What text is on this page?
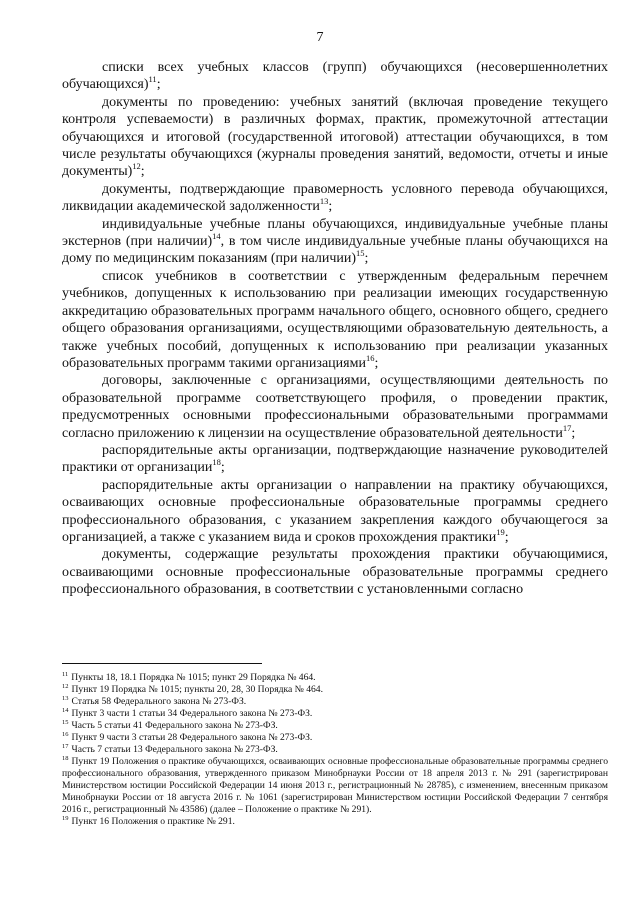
7

списки всех учебных классов (групп) обучающихся (несовершеннолетних обучающихся)$^{11}$;

документы по проведению: учебных занятий (включая проведение текущего контроля успеваемости) в различных формах, практик, промежуточной аттестации обучающихся и итоговой (государственной итоговой) аттестации обучающихся, в том числе результаты обучающихся (журналы проведения занятий, ведомости, отчеты и иные документы)$^{12}$;

документы, подтверждающие правомерность условного перевода обучающихся, ликвидации академической задолженности$^{13}$;

индивидуальные учебные планы обучающихся, индивидуальные учебные планы экстернов (при наличии)$^{14}$, в том числе индивидуальные учебные планы обучающихся на дому по медицинским показаниям (при наличии)$^{15}$;

список учебников в соответствии с утвержденным федеральным перечнем учебников, допущенных к использованию при реализации имеющих государственную аккредитацию образовательных программ начального общего, основного общего, среднего общего образования организациями, осуществляющими образовательную деятельность, а также учебных пособий, допущенных к использованию при реализации указанных образовательных программ такими организациями$^{16}$;

договоры, заключенные с организациями, осуществляющими деятельность по образовательной программе соответствующего профиля, о проведении практик, предусмотренных основными профессиональными образовательными программами согласно приложению к лицензии на осуществление образовательной деятельности$^{17}$;

распорядительные акты организации, подтверждающие назначение руководителей практики от организации$^{18}$;

распорядительные акты организации о направлении на практику обучающихся, осваивающих основные профессиональные образовательные программы среднего профессионального образования, с указанием закрепления каждого обучающегося за организацией, а также с указанием вида и сроков прохождения практики$^{19}$;

документы, содержащие результаты прохождения практики обучающимися, осваивающими основные профессиональные образовательные программы среднего профессионального образования, в соответствии с установленными согласно

$^{11}$ Пункты 18, 18.1 Порядка № 1015; пункт 29 Порядка № 464.
$^{12}$ Пункт 19 Порядка № 1015; пункты 20, 28, 30 Порядка № 464.
$^{13}$ Статья 58 Федерального закона № 273-ФЗ.
$^{14}$ Пункт 3 части 1 статьи 34 Федерального закона № 273-ФЗ.
$^{15}$ Часть 5 статьи 41 Федерального закона № 273-ФЗ.
$^{16}$ Пункт 9 части 3 статьи 28 Федерального закона № 273-ФЗ.
$^{17}$ Часть 7 статьи 13 Федерального закона № 273-ФЗ.
$^{18}$ Пункт 19 Положения о практике обучающихся, осваивающих основные профессиональные образовательные программы среднего профессионального образования, утвержденного приказом Минобрнауки России от 18 апреля 2013 г. № 291 (зарегистрирован Министерством юстиции Российской Федерации 14 июня 2013 г., регистрационный № 28785), с изменением, внесенным приказом Минобрнауки России от 18 августа 2016 г. № 1061 (зарегистрирован Министерством юстиции Российской Федерации 7 сентября 2016 г., регистрационный № 43586) (далее – Положение о практике № 291).
$^{19}$ Пункт 16 Положения о практике № 291.
